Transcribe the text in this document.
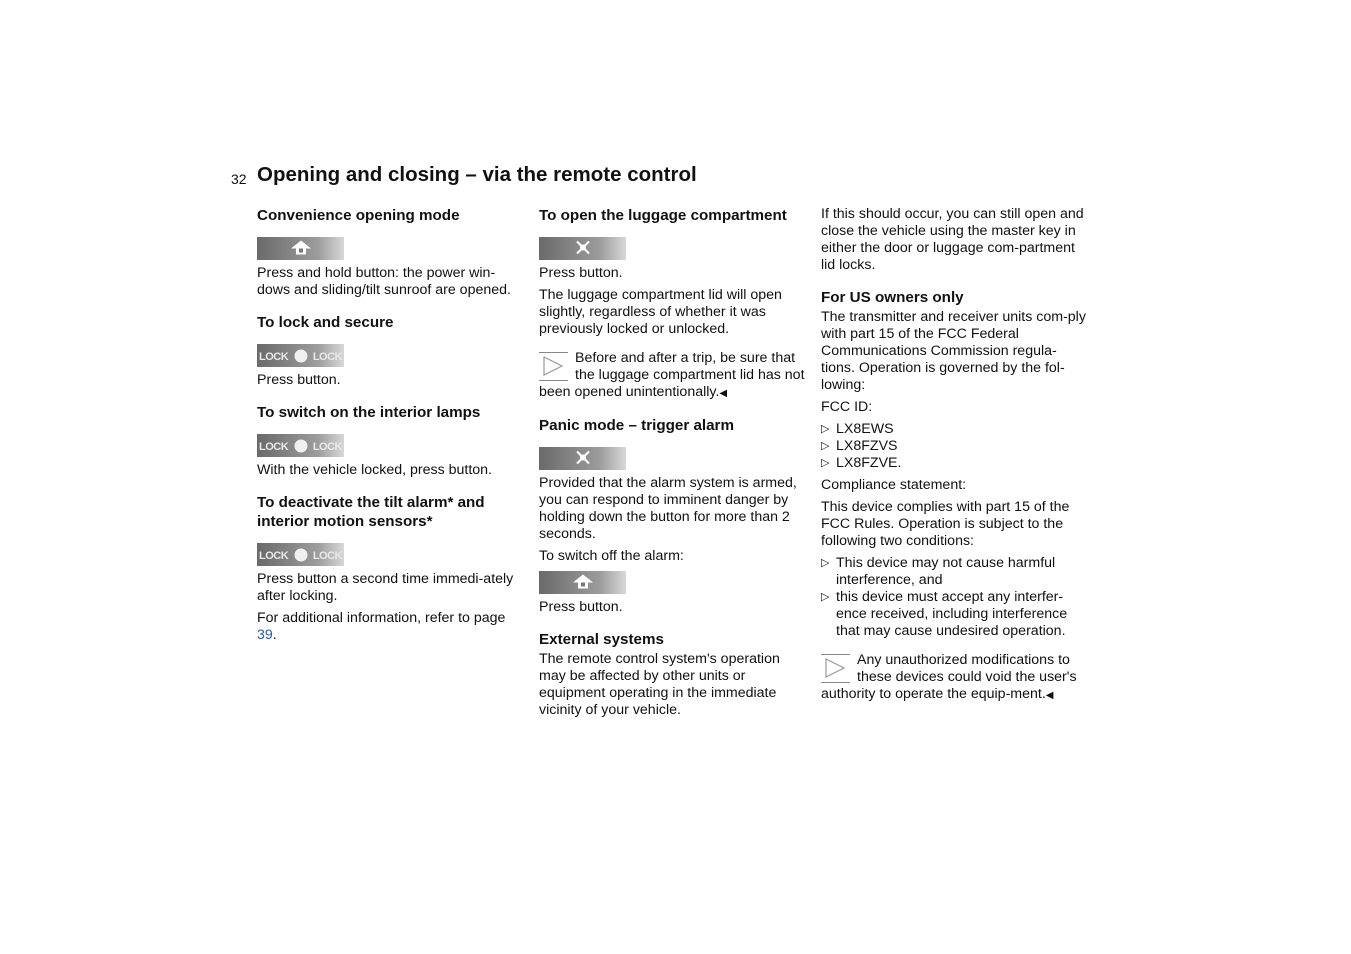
32 Opening and closing – via the remote control
Convenience opening mode

Press and hold button: the power win-dows and sliding/tilt sunroof are opened.

To lock and secure
LOCK LOCK

Press button.

To switch on the interior lamps
LOCK LOCK

With the vehicle locked, press button.

To deactivate the tilt alarm* and interior motion sensors*
LOCK LOCK

Press button a second time immedi-ately after locking.

For additional information, refer to page 39.

To open the luggage compartment

Press button.

The luggage compartment lid will open slightly, regardless of whether it was previously locked or unlocked.

Before and after a trip, be sure that the luggage compartment lid has not been opened unintentionally.◀
Panic mode – trigger alarm

Provided that the alarm system is armed, you can respond to imminent danger by holding down the button for more than 2 seconds.

To switch off the alarm:

Press button.

External systems

The remote control system's operation may be affected by other units or equipment operating in the immediate vicinity of your vehicle.

If this should occur, you can still open and close the vehicle using the master key in either the door or luggage com-partment lid locks.

For US owners only

The transmitter and receiver units com-ply with part 15 of the FCC Federal Communications Commission regula-tions. Operation is governed by the fol-lowing:

FCC ID:

▷ LX8EWS
▷ LX8FZVS
▷ LX8FZVE.

Compliance statement:

This device complies with part 15 of the FCC Rules. Operation is subject to the following two conditions:

▷ This device may not cause harmful interference, and
▷ this device must accept any interfer-ence received, including interference that may cause undesired operation.
Any unauthorized modifications to these devices could void the user's authority to operate the equip-ment.◀
